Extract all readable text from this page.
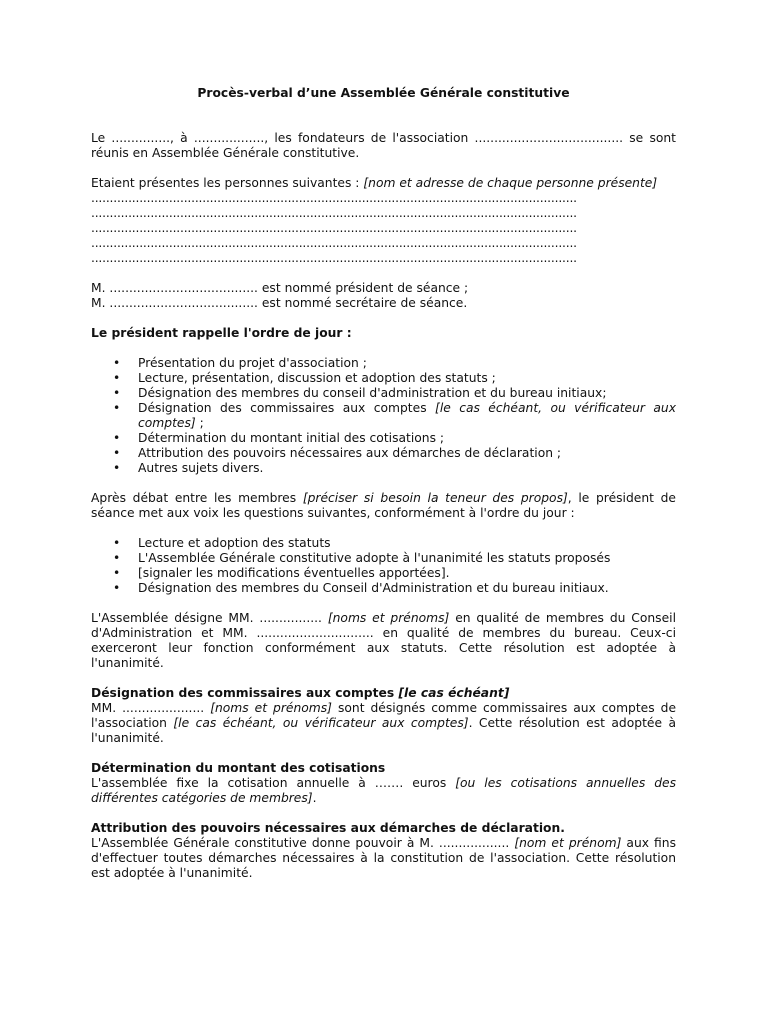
Procès-verbal d’une Assemblée Générale constitutive

Le ..............., à .................., les fondateurs de l'association ...................................... se sont réunis en Assemblée Générale constitutive.

Etaient présentes les personnes suivantes : [nom et adresse de chaque personne présente]

...................................................................................................................................
...................................................................................................................................
...................................................................................................................................
...................................................................................................................................
...................................................................................................................................

M. ...................................... est nommé président de séance ;

M. ...................................... est nommé secrétaire de séance.

Le président rappelle l'ordre de jour :
• Présentation du projet d'association ;
• Lecture, présentation, discussion et adoption des statuts ;
• Désignation des membres du conseil d'administration et du bureau initiaux;
• Désignation des commissaires aux comptes [le cas échéant, ou vérificateur aux comptes] ;
• Détermination du montant initial des cotisations ;
• Attribution des pouvoirs nécessaires aux démarches de déclaration ;
• Autres sujets divers.

Après débat entre les membres [préciser si besoin la teneur des propos], le président de séance met aux voix les questions suivantes, conformément à l'ordre du jour :

• Lecture et adoption des statuts
• L'Assemblée Générale constitutive adopte à l'unanimité les statuts proposés
• [signaler les modifications éventuelles apportées].
• Désignation des membres du Conseil d'Administration et du bureau initiaux.

L'Assemblée désigne MM. ................ [noms et prénoms] en qualité de membres du Conseil d'Administration et MM. .............................. en qualité de membres du bureau. Ceux-ci exerceront leur fonction conformément aux statuts. Cette résolution est adoptée à l'unanimité.

Désignation des commissaires aux comptes [le cas échéant]

MM. ..................... [noms et prénoms] sont désignés comme commissaires aux comptes de l'association [le cas échéant, ou vérificateur aux comptes]. Cette résolution est adoptée à l'unanimité.

Détermination du montant des cotisations

L'assemblée fixe la cotisation annuelle à ……. euros [ou les cotisations annuelles des différentes catégories de membres].

Attribution des pouvoirs nécessaires aux démarches de déclaration.

L'Assemblée Générale constitutive donne pouvoir à M. .................. [nom et prénom] aux fins d'effectuer toutes démarches nécessaires à la constitution de l'association. Cette résolution est adoptée à l'unanimité.
